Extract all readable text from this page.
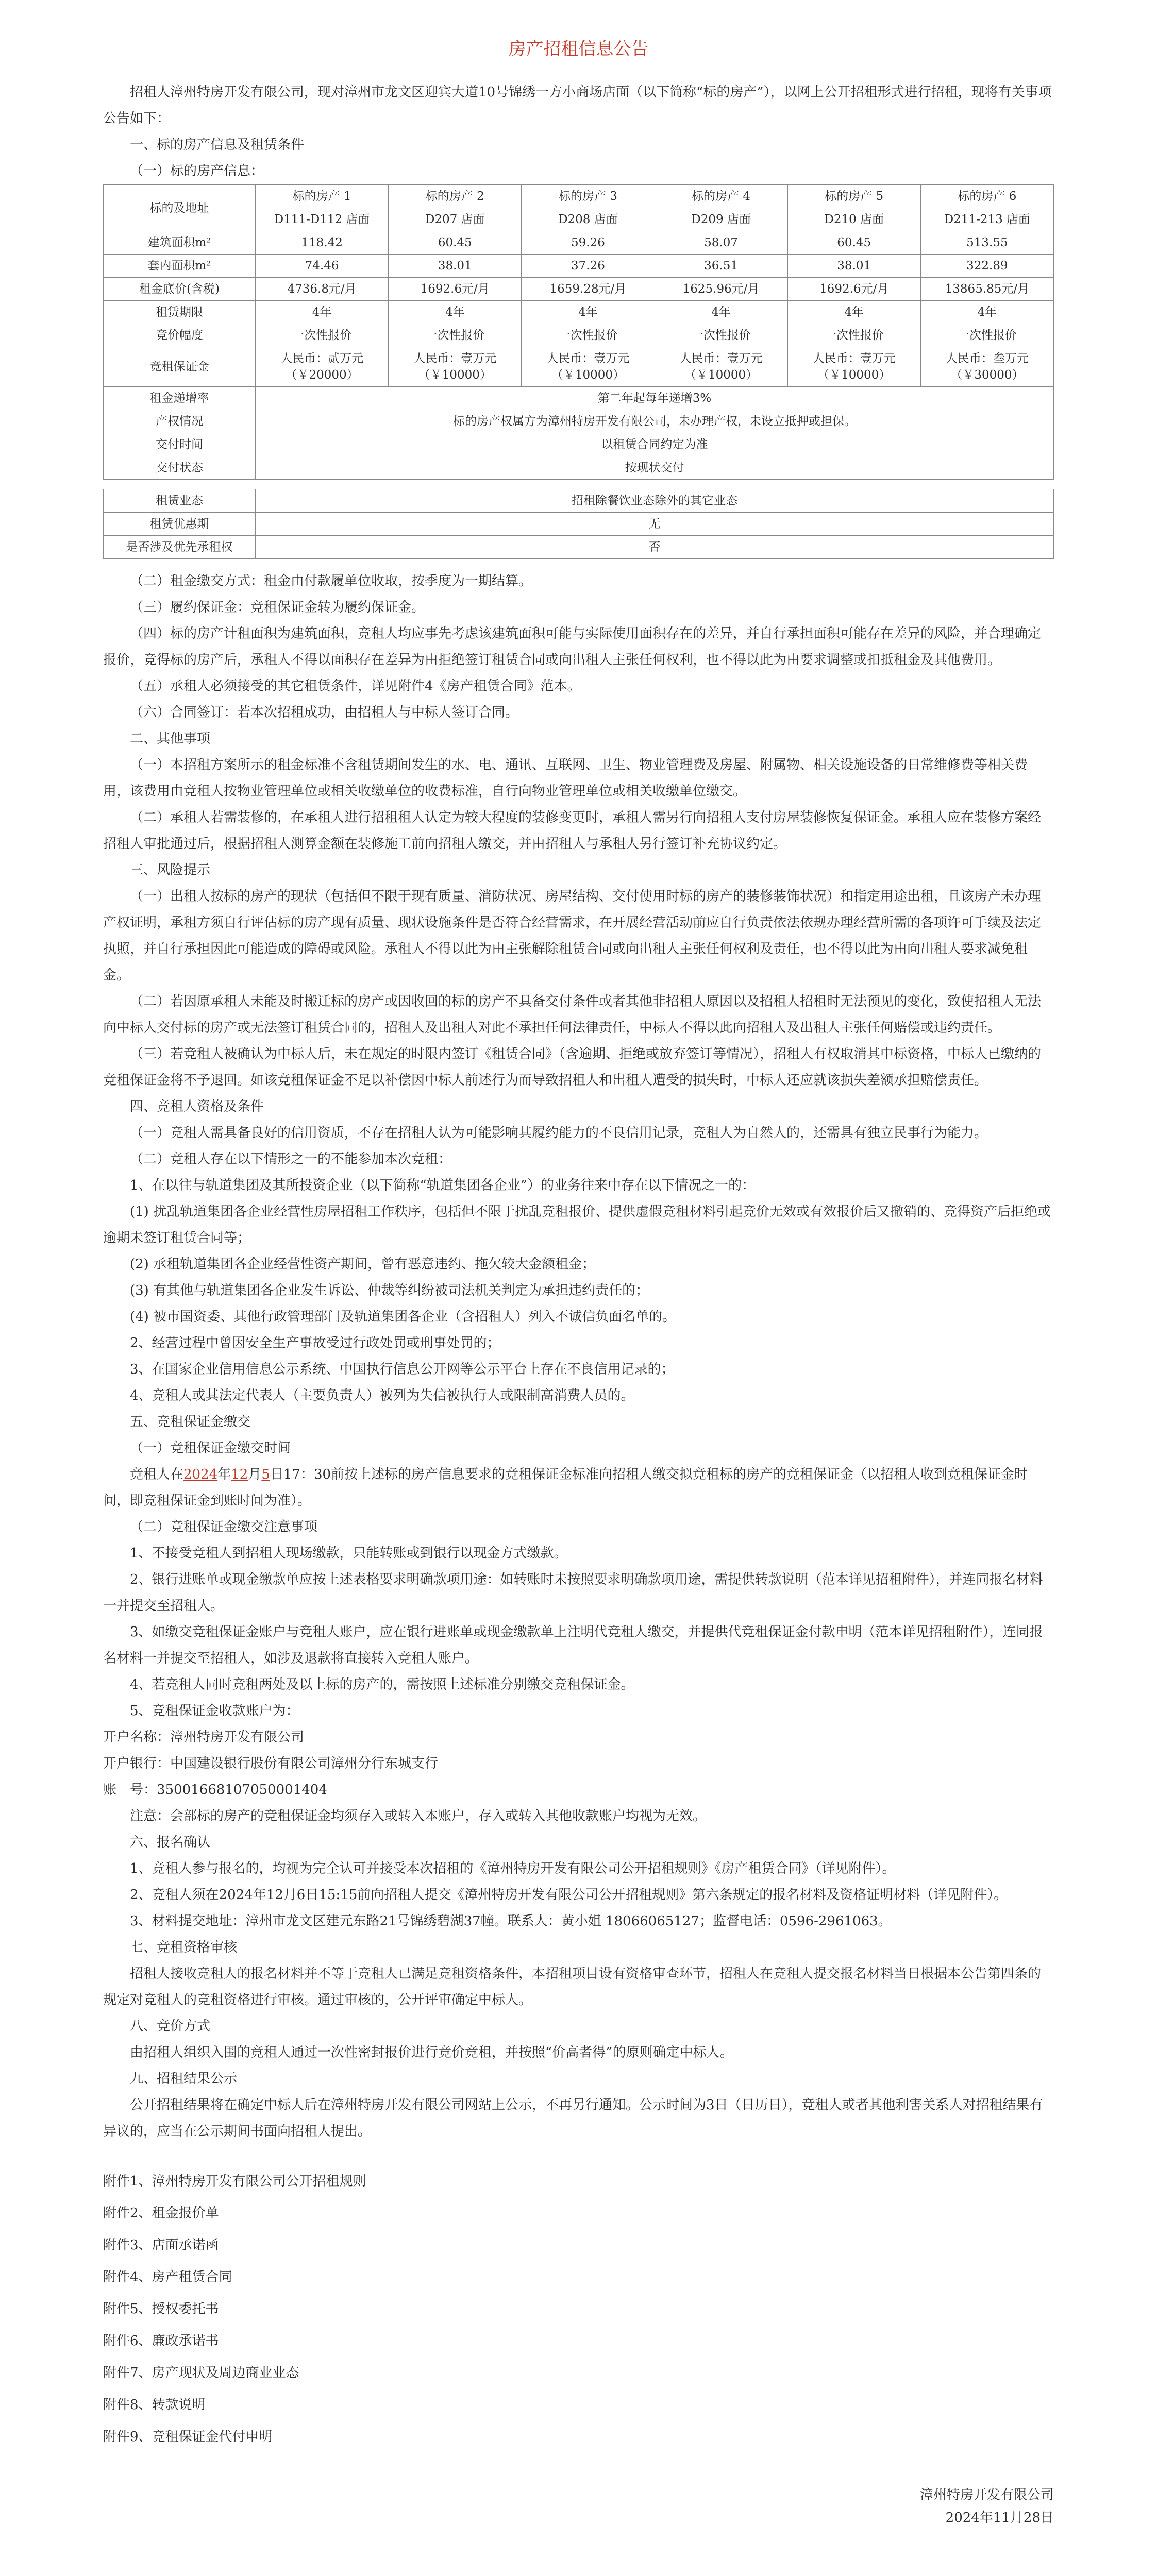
房产招租信息公告

招租人漳州特房开发有限公司，现对漳州市龙文区迎宾大道10号锦绣一方小商场店面（以下简称“标的房产”），以网上公开招租形式进行招租，现将有关事项公告如下：

一、标的房产信息及租赁条件

（一）标的房产信息：

标的及地址	标的房产 1	标的房产 2	标的房产 3	标的房产 4	标的房产 5	标的房产 6
	D111-D112 店面	D207 店面	D208 店面	D209 店面	D210 店面	D211-213 店面
建筑面积m²	118.42	60.45	59.26	58.07	60.45	513.55
套内面积m²	74.46	38.01	37.26	36.51	38.01	322.89
租金底价(含税)	4736.8元/月	1692.6元/月	1659.28元/月	1625.96元/月	1692.6元/月	13865.85元/月
租赁期限	4年	4年	4年	4年	4年	4年
竞价幅度	一次性报价	一次性报价	一次性报价	一次性报价	一次性报价	一次性报价
竞租保证金	人民币：贰万元（￥20000）	人民币：壹万元（￥10000）	人民币：壹万元（￥10000）	人民币：壹万元（￥10000）	人民币：壹万元（￥10000）	人民币：叁万元（￥30000）
租金递增率	第二年起每年递增3%					
产权情况	标的房产权属方为漳州特房开发有限公司，未办理产权，未设立抵押或担保。					
交付时间	以租赁合同约定为准					
交付状态	按现状交付					
租赁业态	招租除餐饮业态除外的其它业态
租赁优惠期	无
是否涉及优先承租权	否

（二）租金缴交方式：租金由付款履单位收取，按季度为一期结算。

（三）履约保证金：竞租保证金转为履约保证金。

（四）标的房产计租面积为建筑面积，竞租人均应事先考虑该建筑面积可能与实际使用面积存在的差异，并自行承担面积可能存在差异的风险，并合理确定报价，竞得标的房产后，承租人不得以面积存在差异为由拒绝签订租赁合同或向出租人主张任何权利，也不得以此为由要求调整或扣抵租金及其他费用。

（五）承租人必须接受的其它租赁条件，详见附件4《房产租赁合同》范本。

（六）合同签订：若本次招租成功，由招租人与中标人签订合同。

二、其他事项

（一）本招租方案所示的租金标准不含租赁期间发生的水、电、通讯、互联网、卫生、物业管理费及房屋、附属物、相关设施设备的日常维修费等相关费用，该费用由竞租人按物业管理单位或相关收缴单位的收费标准，自行向物业管理单位或相关收缴单位缴交。

（二）承租人若需装修的，在承租人进行招租租人认定为较大程度的装修变更时，承租人需另行向招租人支付房屋装修恢复保证金。承租人应在装修方案经招租人审批通过后，根据招租人测算金额在装修施工前向招租人缴交，并由招租人与承租人另行签订补充协议约定。

三、风险提示

（一）出租人按标的房产的现状（包括但不限于现有质量、消防状况、房屋结构、交付使用时标的房产的装修装饰状况）和指定用途出租，且该房产未办理产权证明，承租方须自行评估标的房产现有质量、现状设施条件是否符合经营需求，在开展经营活动前应自行负责依法依规办理经营所需的各项许可手续及法定执照，并自行承担因此可能造成的障碍或风险。承租人不得以此为由主张解除租赁合同或向出租人主张任何权利及责任，也不得以此为由向出租人要求减免租金。

（二）若因原承租人未能及时搬迁标的房产或因收回的标的房产不具备交付条件或者其他非招租人原因以及招租人招租时无法预见的变化，致使招租人无法向中标人交付标的房产或无法签订租赁合同的，招租人及出租人对此不承担任何法律责任，中标人不得以此向招租人及出租人主张任何赔偿或违约责任。

（三）若竞租人被确认为中标人后，未在规定的时限内签订《租赁合同》（含逾期、拒绝或放弃签订等情况），招租人有权取消其中标资格，中标人已缴纳的竞租保证金将不予退回。如该竞租保证金不足以补偿因中标人前述行为而导致招租人和出租人遭受的损失时，中标人还应就该损失差额承担赔偿责任。

四、竞租人资格及条件

（一）竞租人需具备良好的信用资质，不存在招租人认为可能影响其履约能力的不良信用记录，竞租人为自然人的，还需具有独立民事行为能力。

（二）竞租人存在以下情形之一的不能参加本次竞租：

1、在以往与轨道集团及其所投资企业（以下简称“轨道集团各企业”）的业务往来中存在以下情况之一的：

(1) 扰乱轨道集团各企业经营性房屋招租工作秩序，包括但不限于扰乱竞租报价、提供虚假竞租材料引起竞价无效或有效报价后又撤销的、竞得资产后拒绝或逾期未签订租赁合同等；

(2) 承租轨道集团各企业经营性资产期间，曾有恶意违约、拖欠较大金额租金；

(3) 有其他与轨道集团各企业发生诉讼、仲裁等纠纷被司法机关判定为承担违约责任的；

(4) 被市国资委、其他行政管理部门及轨道集团各企业（含招租人）列入不诚信负面名单的。

2、经营过程中曾因安全生产事故受过行政处罚或刑事处罚的；

3、在国家企业信用信息公示系统、中国执行信息公开网等公示平台上存在不良信用记录的；

4、竞租人或其法定代表人（主要负责人）被列为失信被执行人或限制高消费人员的。

五、竞租保证金缴交

（一）竞租保证金缴交时间

竞租人在2024年12月5日17：30前按上述标的房产信息要求的竞租保证金标准向招租人缴交拟竞租标的房产的竞租保证金（以招租人收到竞租保证金时间，即竞租保证金到账时间为准）。

（二）竞租保证金缴交注意事项

1、不接受竞租人到招租人现场缴款，只能转账或到银行以现金方式缴款。

2、银行进账单或现金缴款单应按上述表格要求明确款项用途：如转账时未按照要求明确款项用途，需提供转款说明（范本详见招租附件），并连同报名材料一并提交至招租人。

3、如缴交竞租保证金账户与竞租人账户，应在银行进账单或现金缴款单上注明代竞租人缴交，并提供代竞租保证金付款申明（范本详见招租附件），连同报名材料一并提交至招租人，如涉及退款将直接转入竞租人账户。

4、若竞租人同时竞租两处及以上标的房产的，需按照上述标准分别缴交竞租保证金。

5、竞租保证金收款账户为：

开户名称：漳州特房开发有限公司

开户银行：中国建设银行股份有限公司漳州分行东城支行

账　号：35001668107050001404

注意：会部标的房产的竞租保证金均须存入或转入本账户，存入或转入其他收款账户均视为无效。

六、报名确认

1、竞租人参与报名的，均视为完全认可并接受本次招租的《漳州特房开发有限公司公开招租规则》《房产租赁合同》（详见附件）。

2、竞租人须在2024年12月6日15:15前向招租人提交《漳州特房开发有限公司公开招租规则》第六条规定的报名材料及资格证明材料（详见附件）。

3、材料提交地址：漳州市龙文区建元东路21号锦绣碧湖37幢。联系人：黄小姐 18066065127；监督电话：0596-2961063。

七、竞租资格审核

招租人接收竞租人的报名材料并不等于竞租人已满足竞租资格条件，本招租项目设有资格审查环节，招租人在竞租人提交报名材料当日根据本公告第四条的规定对竞租人的竞租资格进行审核。通过审核的，公开评审确定中标人。

八、竞价方式

由招租人组织入围的竞租人通过一次性密封报价进行竞价竞租，并按照“价高者得”的原则确定中标人。

九、招租结果公示

公开招租结果将在确定中标人后在漳州特房开发有限公司网站上公示，不再另行通知。公示时间为3日（日历日），竞租人或者其他利害关系人对招租结果有异议的，应当在公示期间书面向招租人提出。

附件1、漳州特房开发有限公司公开招租规则
附件2、租金报价单
附件3、店面承诺函
附件4、房产租赁合同
附件5、授权委托书
附件6、廉政承诺书
附件7、房产现状及周边商业业态
附件8、转款说明
附件9、竞租保证金代付申明
漳州特房开发有限公司
2024年11月28日
